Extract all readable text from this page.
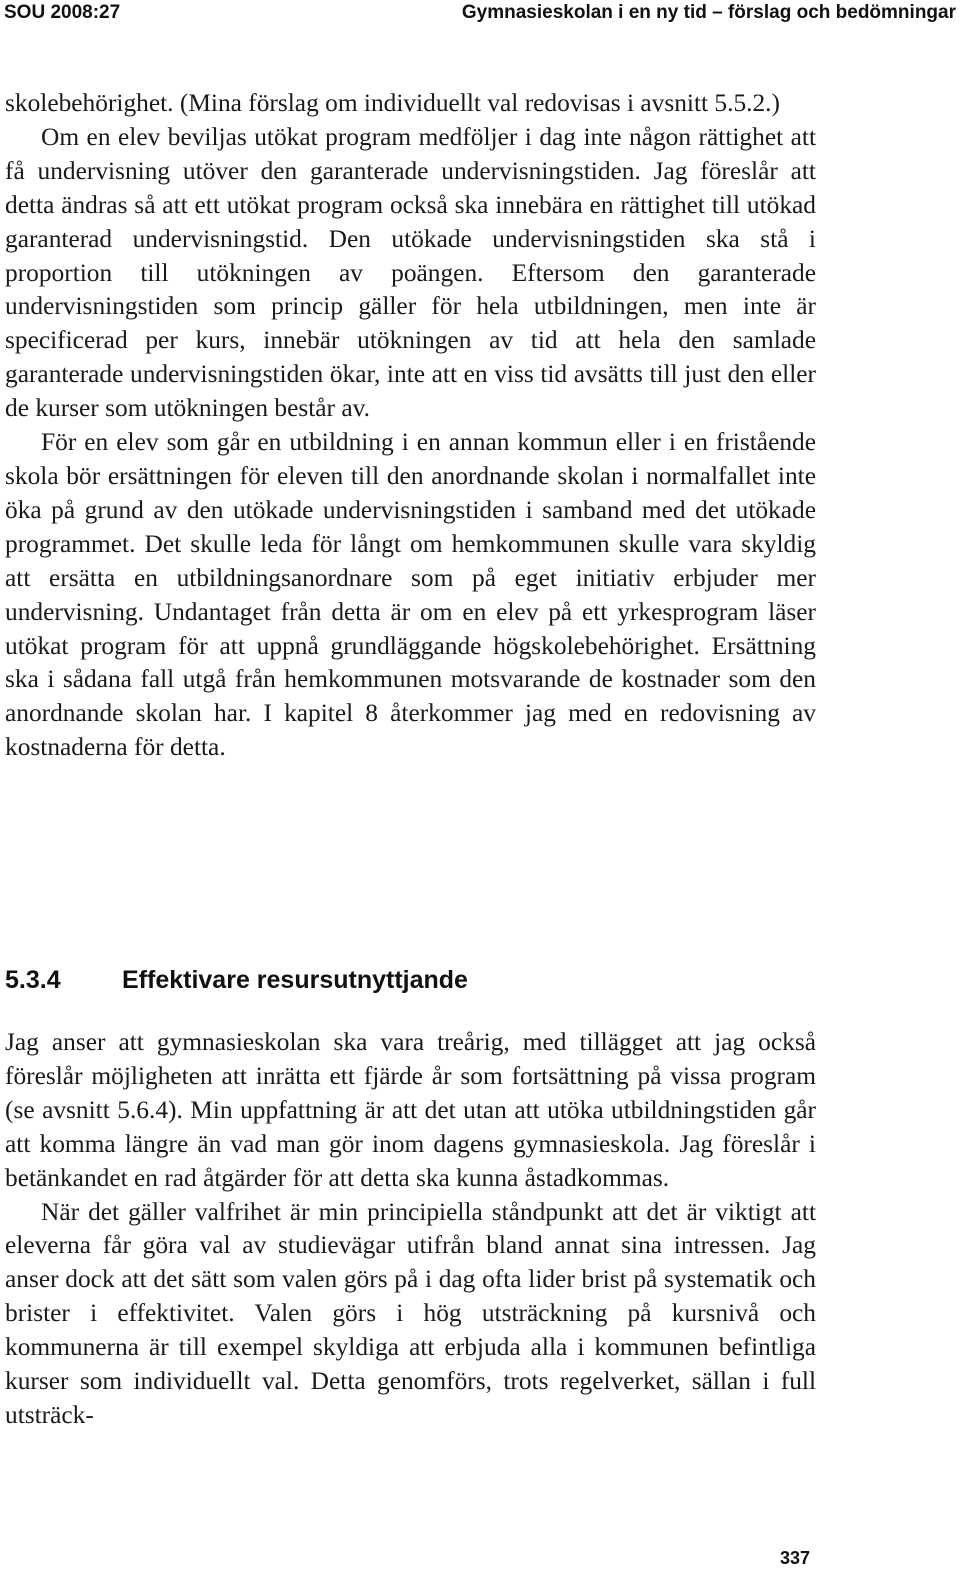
SOU 2008:27	Gymnasieskolan i en ny tid – förslag och bedömningar

skolebehörighet. (Mina förslag om individuellt val redovisas i avsnitt 5.5.2.)

Om en elev beviljas utökat program medföljer i dag inte någon rättighet att få undervisning utöver den garanterade undervisningstiden. Jag föreslår att detta ändras så att ett utökat program också ska innebära en rättighet till utökad garanterad undervisningstid. Den utökade undervisningstiden ska stå i proportion till utökningen av poängen. Eftersom den garanterade undervisningstiden som princip gäller för hela utbildningen, men inte är specificerad per kurs, innebär utökningen av tid att hela den samlade garanterade undervisningstiden ökar, inte att en viss tid avsätts till just den eller de kurser som utökningen består av.

För en elev som går en utbildning i en annan kommun eller i en fristående skola bör ersättningen för eleven till den anordnande skolan i normalfallet inte öka på grund av den utökade undervisningstiden i samband med det utökade programmet. Det skulle leda för långt om hemkommunen skulle vara skyldig att ersätta en utbildningsanordnare som på eget initiativ erbjuder mer undervisning. Undantaget från detta är om en elev på ett yrkesprogram läser utökat program för att uppnå grundläggande högskolebehörighet. Ersättning ska i sådana fall utgå från hemkommunen motsvarande de kostnader som den anordnande skolan har. I kapitel 8 återkommer jag med en redovisning av kostnaderna för detta.

5.3.4 Effektivare resursutnyttjande

Jag anser att gymnasieskolan ska vara treårig, med tillägget att jag också föreslår möjligheten att inrätta ett fjärde år som fortsättning på vissa program (se avsnitt 5.6.4). Min uppfattning är att det utan att utöka utbildningstiden går att komma längre än vad man gör inom dagens gymnasieskola. Jag föreslår i betänkandet en rad åtgärder för att detta ska kunna åstadkommas.

När det gäller valfrihet är min principiella ståndpunkt att det är viktigt att eleverna får göra val av studievägar utifrån bland annat sina intressen. Jag anser dock att det sätt som valen görs på i dag ofta lider brist på systematik och brister i effektivitet. Valen görs i hög utsträckning på kursnivå och kommunerna är till exempel skyldiga att erbjuda alla i kommunen befintliga kurser som individuellt val. Detta genomförs, trots regelverket, sällan i full utsträck-

337
